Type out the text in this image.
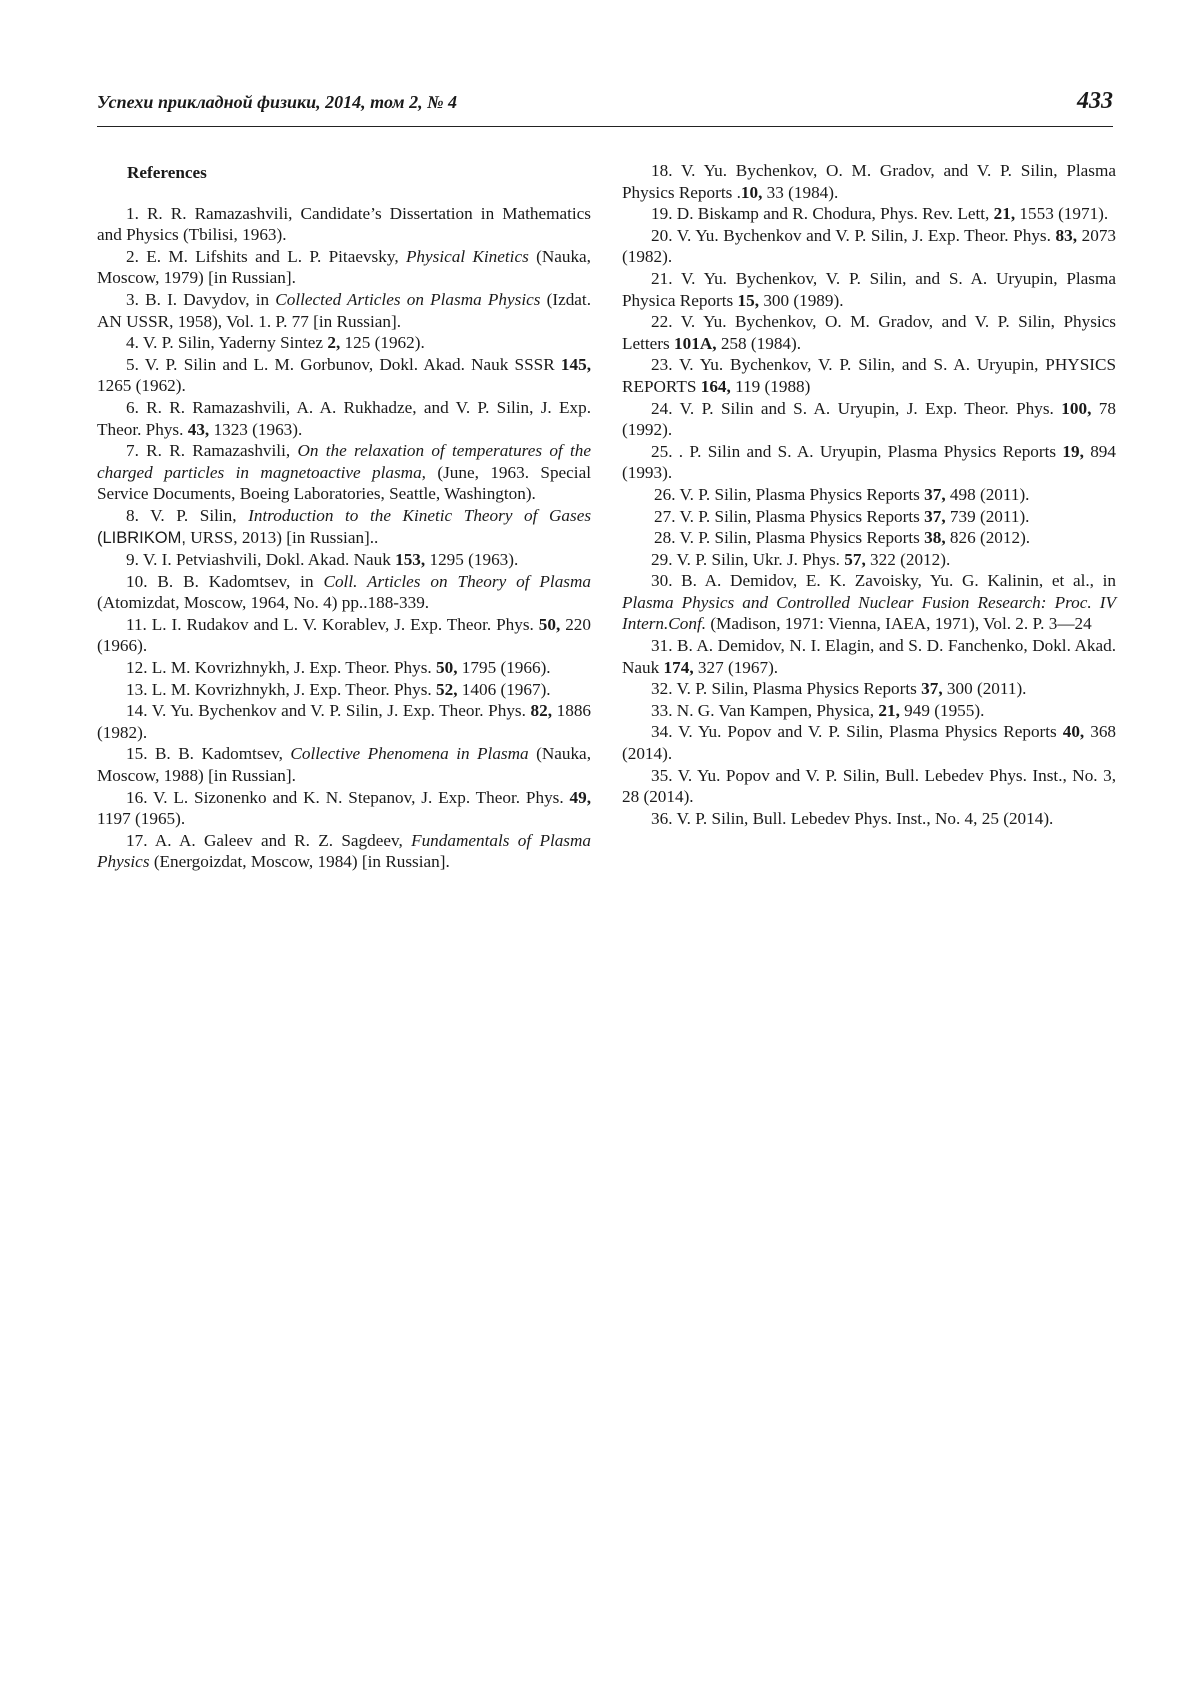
Успехи прикладной физики, 2014, том 2, № 4	433
References

1. R. R. Ramazashvili, Candidate’s Dissertation in Mathematics and Physics (Tbilisi, 1963).

2. E. M. Lifshits and L. P. Pitaevsky, Physical Kinetics (Nauka, Moscow, 1979) [in Russian].

3. B. I. Davydov, in Collected Articles on Plasma Physics (Izdat. AN USSR, 1958), Vol. 1. P. 77 [in Russian].

4. V. P. Silin, Yaderny Sintez 2, 125 (1962).

5. V. P. Silin and L. M. Gorbunov, Dokl. Akad. Nauk SSSR 145, 1265 (1962).

6. R. R. Ramazashvili, A. A. Rukhadze, and V. P. Silin, J. Exp. Theor. Phys. 43, 1323 (1963).

7. R. R. Ramazashvili, On the relaxation of temperatures of the charged particles in magnetoactive plasma, (June, 1963. Special Service Documents, Boeing Laboratories, Seattle, Washington).

8. V. P. Silin, Introduction to the Kinetic Theory of Gases (LIBRIKOM, URSS, 2013) [in Russian]..

9. V. I. Petviashvili, Dokl. Akad. Nauk 153, 1295 (1963).

10. B. B. Kadomtsev, in Coll. Articles on Theory of Plasma (Atomizdat, Moscow, 1964, No. 4) pp..188-339.

11. L. I. Rudakov and L. V. Korablev, J. Exp. Theor. Phys. 50, 220 (1966).

12. L. M. Kovrizhnykh, J. Exp. Theor. Phys. 50, 1795 (1966).

13. L. M. Kovrizhnykh, J. Exp. Theor. Phys. 52, 1406 (1967).

14. V. Yu. Bychenkov and V. P. Silin, J. Exp. Theor. Phys. 82, 1886 (1982).

15. B. B. Kadomtsev, Collective Phenomena in Plasma (Nauka, Moscow, 1988) [in Russian].

16. V. L. Sizonenko and K. N. Stepanov, J. Exp. Theor. Phys. 49, 1197 (1965).

17. A. A. Galeev and R. Z. Sagdeev, Fundamentals of Plasma Physics (Energoizdat, Moscow, 1984) [in Russian].

18. V. Yu. Bychenkov, O. M. Gradov, and V. P. Silin, Plasma Physics Reports .10, 33 (1984).

19. D. Biskamp and R. Chodura, Phys. Rev. Lett, 21, 1553 (1971).

20. V. Yu. Bychenkov and V. P. Silin, J. Exp. Theor. Phys. 83, 2073 (1982).

21. V. Yu. Bychenkov, V. P. Silin, and S. A. Uryupin, Plasma Physica Reports 15, 300 (1989).

22. V. Yu. Bychenkov, O. M. Gradov, and V. P. Silin, Physics Letters 101A, 258 (1984).

23. V. Yu. Bychenkov, V. P. Silin, and S. A. Uryupin, PHYSICS REPORTS 164, 119 (1988)

24. V. P. Silin and S. A. Uryupin, J. Exp. Theor. Phys. 100, 78 (1992).

25. . P. Silin and S. A. Uryupin, Plasma Physics Reports 19, 894 (1993).

26. V. P. Silin, Plasma Physics Reports 37, 498 (2011).

27. V. P. Silin, Plasma Physics Reports 37, 739 (2011).

28. V. P. Silin, Plasma Physics Reports 38, 826 (2012).

29. V. P. Silin, Ukr. J. Phys. 57, 322 (2012).

30. B. A. Demidov, E. K. Zavoisky, Yu. G. Kalinin, et al., in Plasma Physics and Controlled Nuclear Fusion Research: Proc. IV Intern.Conf. (Madison, 1971: Vienna, IAEA, 1971), Vol. 2. P. 3—24

31. B. A. Demidov, N. I. Elagin, and S. D. Fanchenko, Dokl. Akad. Nauk 174, 327 (1967).

32. V. P. Silin, Plasma Physics Reports 37, 300 (2011).

33. N. G. Van Kampen, Physica, 21, 949 (1955).

34. V. Yu. Popov and V. P. Silin, Plasma Physics Reports 40, 368 (2014).

35. V. Yu. Popov and V. P. Silin, Bull. Lebedev Phys. Inst., No. 3, 28 (2014).

36. V. P. Silin, Bull. Lebedev Phys. Inst., No. 4, 25 (2014).
